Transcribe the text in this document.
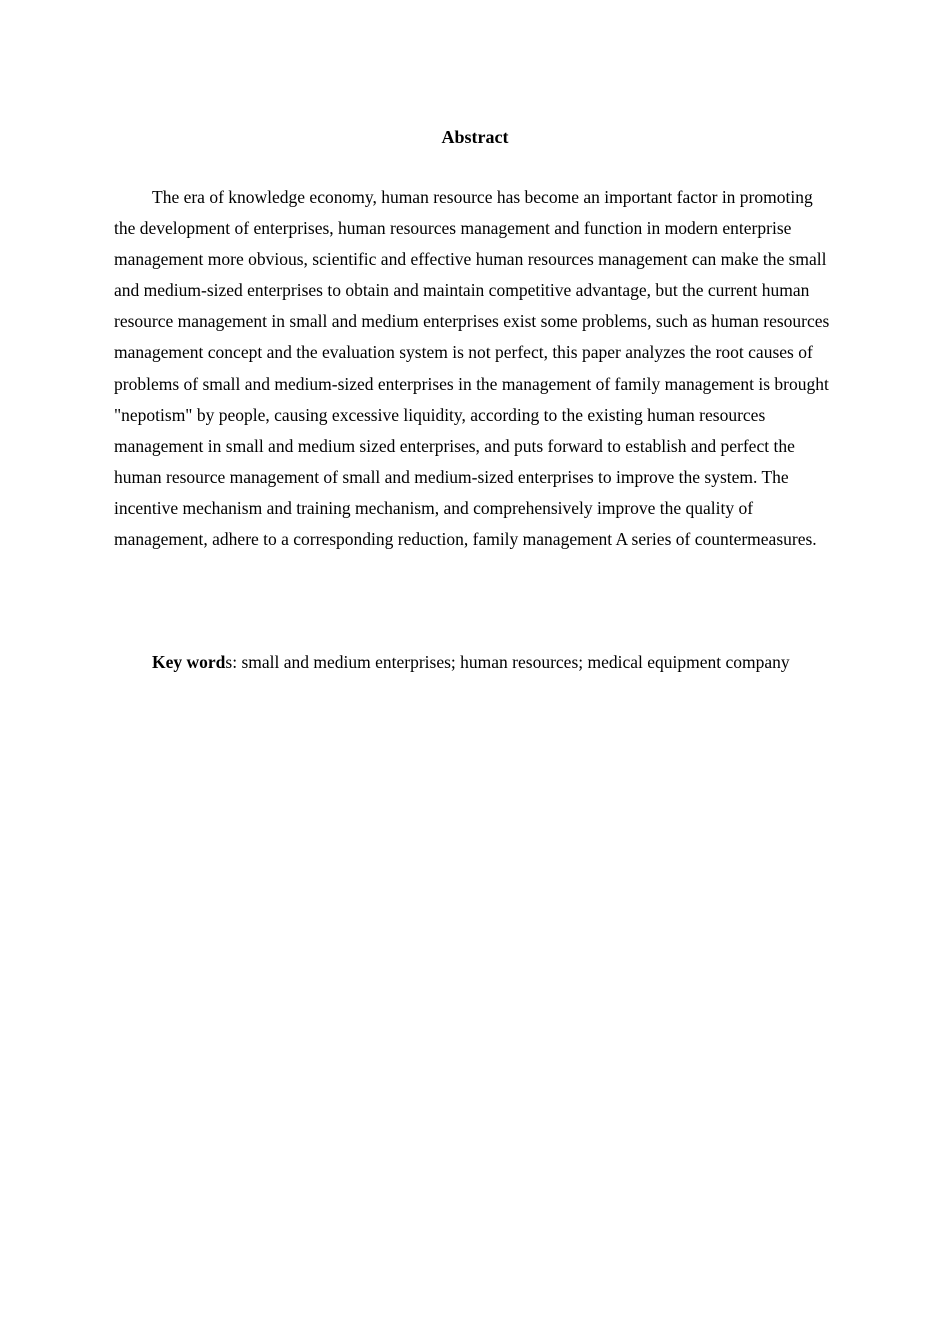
Abstract

The era of knowledge economy, human resource has become an important factor in promoting the development of enterprises, human resources management and function in modern enterprise management more obvious, scientific and effective human resources management can make the small and medium-sized enterprises to obtain and maintain competitive advantage, but the current human resource management in small and medium enterprises exist some problems, such as human resources management concept and the evaluation system is not perfect, this paper analyzes the root causes of problems of small and medium-sized enterprises in the management of family management is brought "nepotism" by people, causing excessive liquidity, according to the existing human resources management in small and medium sized enterprises, and puts forward to establish and perfect the human resource management of small and medium-sized enterprises to improve the system. The incentive mechanism and training mechanism, and comprehensively improve the quality of management, adhere to a corresponding reduction, family management A series of countermeasures.

Key words: small and medium enterprises; human resources; medical equipment company
